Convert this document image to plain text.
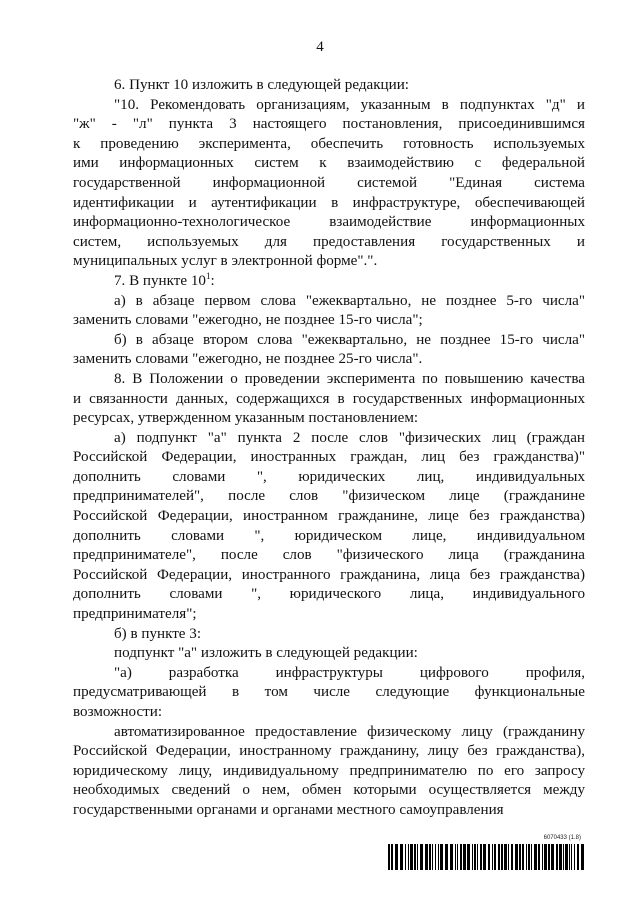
4
6. Пункт 10 изложить в следующей редакции:
"10. Рекомендовать организациям, указанным в подпунктах "д" и
"ж" - "л" пункта 3 настоящего постановления, присоединившимся
к проведению эксперимента, обеспечить готовность используемых
ими информационных систем к взаимодействию с федеральной
государственной информационной системой "Единая система
идентификации и аутентификации в инфраструктуре, обеспечивающей
информационно-технологическое взаимодействие информационных
систем, используемых для предоставления государственных и
муниципальных услуг в электронной форме".".
7. В пункте $10^1$:
а) в абзаце первом слова "ежеквартально, не позднее 5-го числа"
заменить словами "ежегодно, не позднее 15-го числа";
б) в абзаце втором слова "ежеквартально, не позднее 15-го числа"
заменить словами "ежегодно, не позднее 25-го числа".
8. В Положении о проведении эксперимента по повышению качества
и связанности данных, содержащихся в государственных информационных
ресурсах, утвержденном указанным постановлением:
а) подпункт "а" пункта 2 после слов "физических лиц (граждан
Российской Федерации, иностранных граждан, лиц без гражданства)"
дополнить словами ", юридических лиц, индивидуальных
предпринимателей", после слов "физическом лице (гражданине
Российской Федерации, иностранном гражданине, лице без гражданства)
дополнить словами ", юридическом лице, индивидуальном
предпринимателе", после слов "физического лица (гражданина
Российской Федерации, иностранного гражданина, лица без гражданства)
дополнить словами ", юридического лица, индивидуального
предпринимателя";
б) в пункте 3:
подпункт "а" изложить в следующей редакции:
"а) разработка инфраструктуры цифрового профиля,
предусматривающей в том числе следующие функциональные
возможности:
автоматизированное предоставление физическому лицу (гражданину
Российской Федерации, иностранному гражданину, лицу без гражданства),
юридическому лицу, индивидуальному предпринимателю по его запросу
необходимых сведений о нем, обмен которыми осуществляется между
государственными органами и органами местного самоуправления
6070433 (1.8)
